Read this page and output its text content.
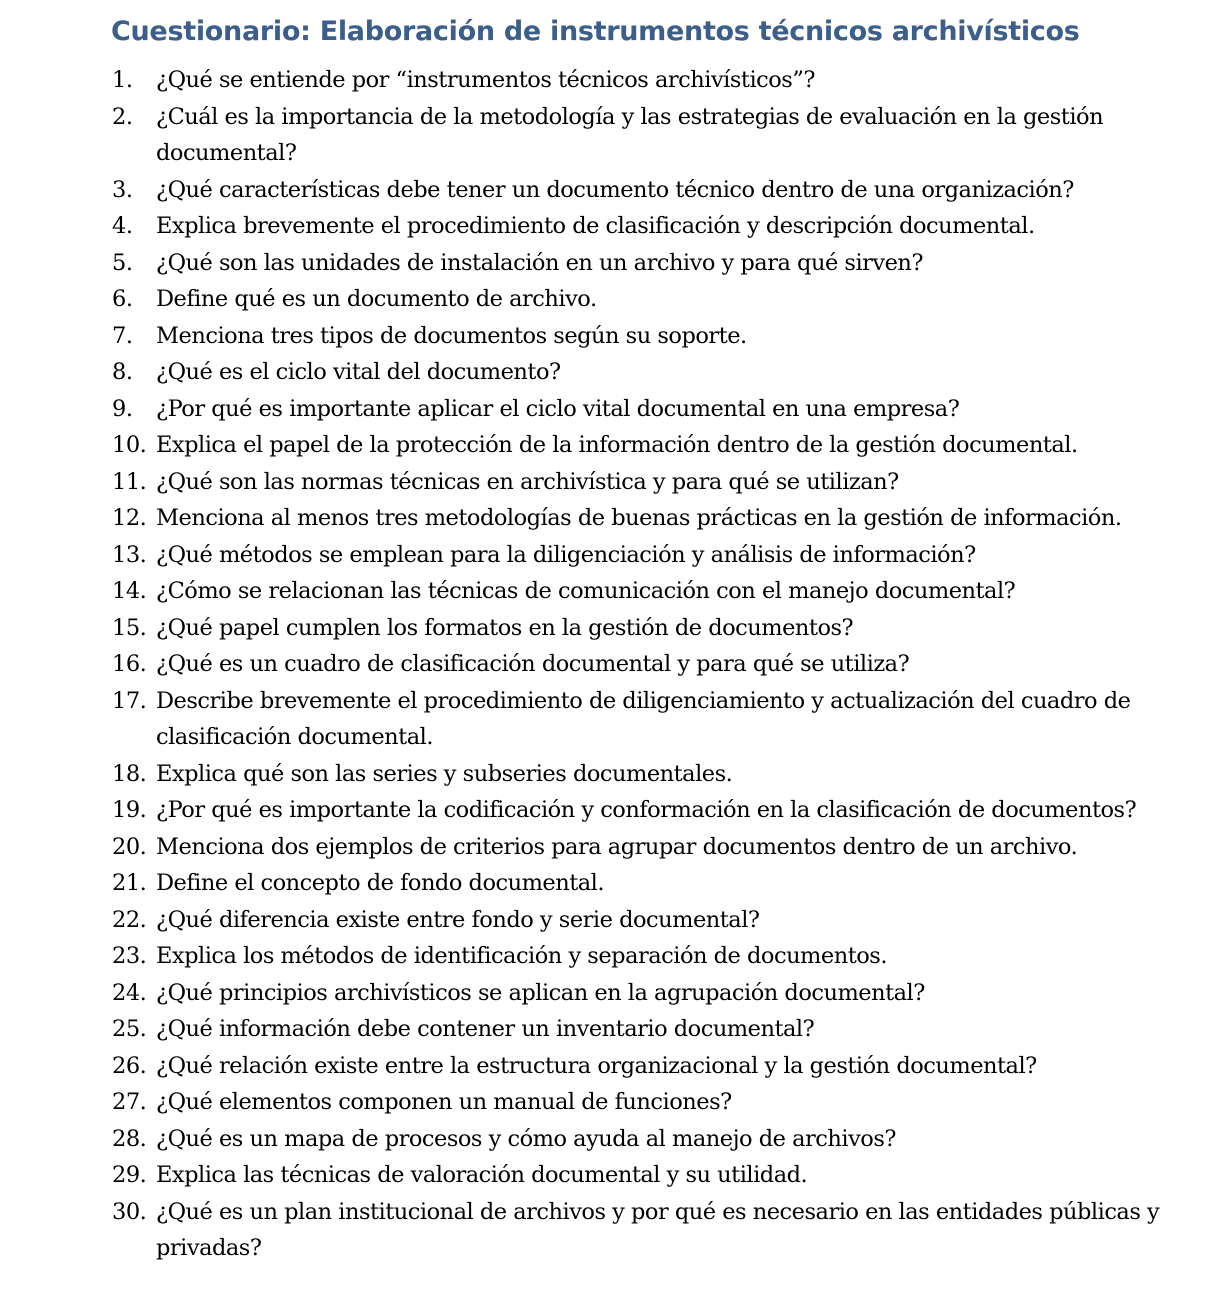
Cuestionario: Elaboración de instrumentos técnicos archivísticos
1. ¿Qué se entiende por “instrumentos técnicos archivísticos”?
2. ¿Cuál es la importancia de la metodología y las estrategias de evaluación en la gestión documental?
3. ¿Qué características debe tener un documento técnico dentro de una organización?
4. Explica brevemente el procedimiento de clasificación y descripción documental.
5. ¿Qué son las unidades de instalación en un archivo y para qué sirven?
6. Define qué es un documento de archivo.
7. Menciona tres tipos de documentos según su soporte.
8. ¿Qué es el ciclo vital del documento?
9. ¿Por qué es importante aplicar el ciclo vital documental en una empresa?
10. Explica el papel de la protección de la información dentro de la gestión documental.
11. ¿Qué son las normas técnicas en archivística y para qué se utilizan?
12. Menciona al menos tres metodologías de buenas prácticas en la gestión de información.
13. ¿Qué métodos se emplean para la diligenciación y análisis de información?
14. ¿Cómo se relacionan las técnicas de comunicación con el manejo documental?
15. ¿Qué papel cumplen los formatos en la gestión de documentos?
16. ¿Qué es un cuadro de clasificación documental y para qué se utiliza?
17. Describe brevemente el procedimiento de diligenciamiento y actualización del cuadro de clasificación documental.
18. Explica qué son las series y subseries documentales.
19. ¿Por qué es importante la codificación y conformación en la clasificación de documentos?
20. Menciona dos ejemplos de criterios para agrupar documentos dentro de un archivo.
21. Define el concepto de fondo documental.
22. ¿Qué diferencia existe entre fondo y serie documental?
23. Explica los métodos de identificación y separación de documentos.
24. ¿Qué principios archivísticos se aplican en la agrupación documental?
25. ¿Qué información debe contener un inventario documental?
26. ¿Qué relación existe entre la estructura organizacional y la gestión documental?
27. ¿Qué elementos componen un manual de funciones?
28. ¿Qué es un mapa de procesos y cómo ayuda al manejo de archivos?
29. Explica las técnicas de valoración documental y su utilidad.
30. ¿Qué es un plan institucional de archivos y por qué es necesario en las entidades públicas y privadas?
